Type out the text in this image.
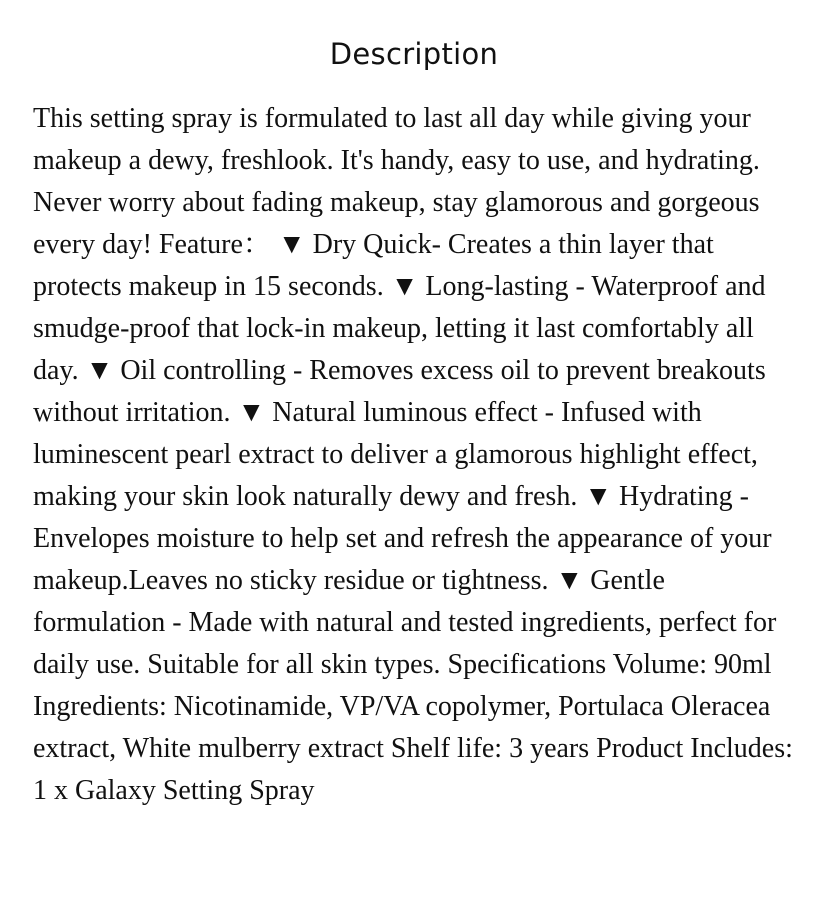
Description

This setting spray is formulated to last all day while giving your makeup a dewy, freshlook. It's handy, easy to use, and hydrating. Never worry about fading makeup, stay glamorous and gorgeous every day! Feature： ▼ Dry Quick- Creates a thin layer that protects makeup in 15 seconds. ▼ Long-lasting - Waterproof and smudge-proof that lock-in makeup, letting it last comfortably all day. ▼ Oil controlling - Removes excess oil to prevent breakouts without irritation. ▼ Natural luminous effect - Infused with luminescent pearl extract to deliver a glamorous highlight effect, making your skin look naturally dewy and fresh. ▼ Hydrating - Envelopes moisture to help set and refresh the appearance of your makeup.Leaves no sticky residue or tightness. ▼ Gentle formulation - Made with natural and tested ingredients, perfect for daily use. Suitable for all skin types. Specifications Volume: 90ml Ingredients: Nicotinamide, VP/VA copolymer, Portulaca Oleracea extract, White mulberry extract Shelf life: 3 years Product Includes: 1 x Galaxy Setting Spray
